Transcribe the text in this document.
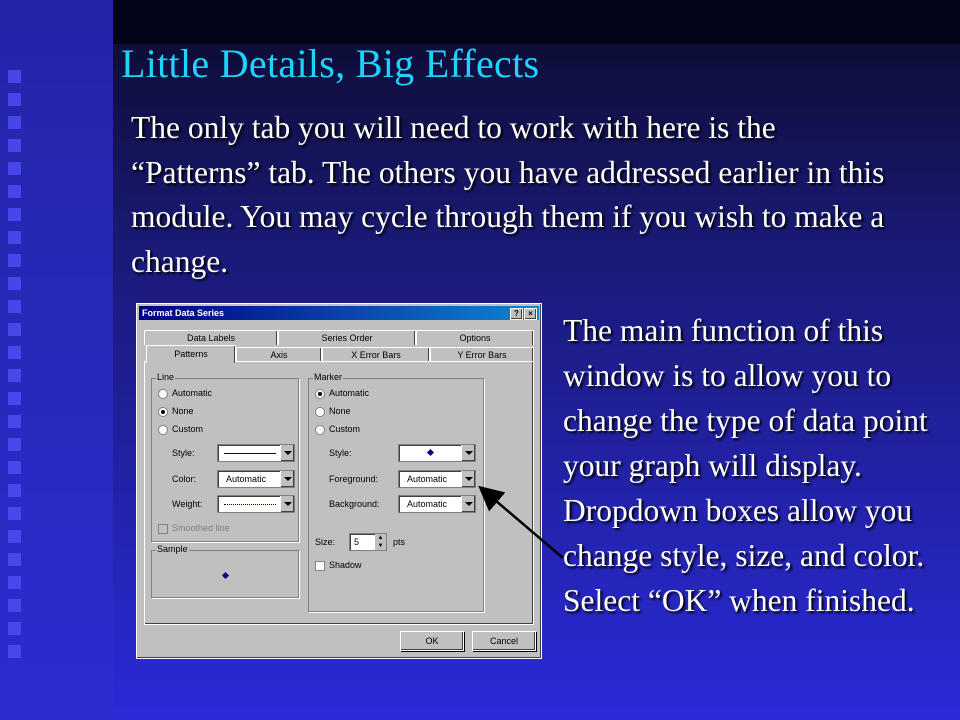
Little Details, Big Effects

The only tab you will need to work with here is the “Patterns” tab. The others you have addressed earlier in this module. You may cycle through them if you wish to make a change.

The main function of this window is to allow you to change the type of data point your graph will display. Dropdown boxes allow you change style, size, and color. Select “OK” when finished.

Format Data Series	?	×
Data Labels	Series Order	Options
Patterns	Axis	X Error Bars	Y Error Bars
Line
Automatic
None
Custom
Style:
Color:	Automatic
Weight:
Smoothed line
Sample
Marker
Automatic
None
Custom
Style:
Foreground:	Automatic
Background:	Automatic
Size: 5	▲
▼ pts
Shadow
OK	Cancel
